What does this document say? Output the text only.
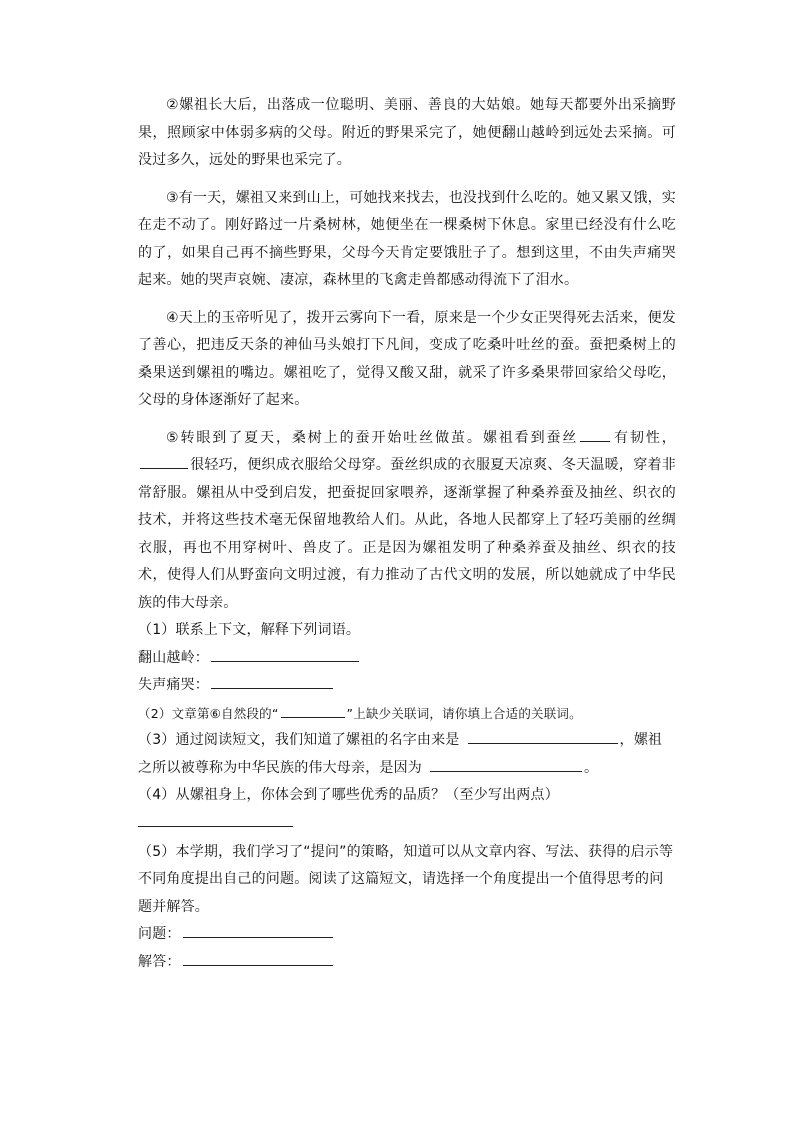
②嫘祖长大后，出落成一位聪明、美丽、善良的大姑娘。她每天都要外出采摘野果，照顾家中体弱多病的父母。附近的野果采完了，她便翻山越岭到远处去采摘。可没过多久，远处的野果也采完了。

③有一天，嫘祖又来到山上，可她找来找去，也没找到什么吃的。她又累又饿，实在走不动了。刚好路过一片桑树林，她便坐在一棵桑树下休息。家里已经没有什么吃的了，如果自己再不摘些野果，父母今天肯定要饿肚子了。想到这里，不由失声痛哭起来。她的哭声哀婉、凄凉，森林里的飞禽走兽都感动得流下了泪水。

④天上的玉帝听见了，拨开云雾向下一看，原来是一个少女正哭得死去活来，便发了善心，把违反天条的神仙马头娘打下凡间，变成了吃桑叶吐丝的蚕。蚕把桑树上的桑果送到嫘祖的嘴边。嫘祖吃了，觉得又酸又甜，就采了许多桑果带回家给父母吃，父母的身体逐渐好了起来。

⑤转眼到了夏天，桑树上的蚕开始吐丝做茧。嫘祖看到蚕丝 有韧性，很轻巧，便织成衣服给父母穿。蚕丝织成的衣服夏天凉爽、冬天温暖，穿着非常舒服。嫘祖从中受到启发，把蚕捉回家喂养，逐渐掌握了种桑养蚕及抽丝、织衣的技术，并将这些技术毫无保留地教给人们。从此，各地人民都穿上了轻巧美丽的丝绸衣服，再也不用穿树叶、兽皮了。正是因为嫘祖发明了种桑养蚕及抽丝、织衣的技术，使得人们从野蛮向文明过渡，有力推动了古代文明的发展，所以她就成了中华民族的伟大母亲。

（1）联系上下文，解释下列词语。

翻山越岭：

失声痛哭：

（2）文章第⑥自然段的“	”上缺少关联词，请你填上合适的关联词。

（3）通过阅读短文，我们知道了嫘祖的名字由来是	，嫘祖之所以被尊称为中华民族的伟大母亲，是因为	。

（4）从嫘祖身上，你体会到了哪些优秀的品质？（至少写出两点）

（5）本学期，我们学习了“提问”的策略，知道可以从文章内容、写法、获得的启示等不同角度提出自己的问题。阅读了这篇短文，请选择一个角度提出一个值得思考的问题并解答。

问题：

解答：
